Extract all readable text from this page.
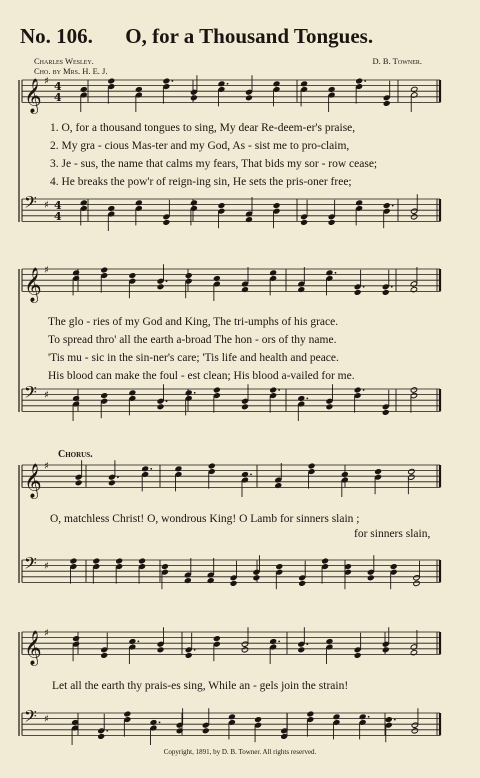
No. 106. O, for a Thousand Tongues.
Charles Wesley.
Cho. by Mrs. H. E. J.
D. B. Towner.
𝄞 ♯ 4
4
𝄢 ♯ 4
4
𝄞 ♯
𝄢 ♯
𝄞 ♯
𝄢 ♯
𝄞 ♯
𝄢 ♯
1. O, for a thousand tongues to sing, My dear Re-deem-er's praise,
2. My gra - cious Mas-ter and my God, As - sist me to pro-claim,
3. Je - sus, the name that calms my fears, That bids my sor - row cease;
4. He breaks the pow'r of reign-ing sin, He sets the pris-oner free;
The glo - ries of my God and King, The tri-umphs of his grace.
To spread thro' all the earth a-broad The hon - ors of thy name.
'Tis mu - sic in the sin-ner's care; 'Tis life and health and peace.
His blood can make the foul - est clean; His blood a-vailed for me.
Chorus.
O, matchless Christ! O, wondrous King! O Lamb for sinners slain ;
for sinners slain,
Let all the earth thy prais-es sing, While an - gels join the strain!
Copyright, 1891, by D. B. Towner. All rights reserved.
